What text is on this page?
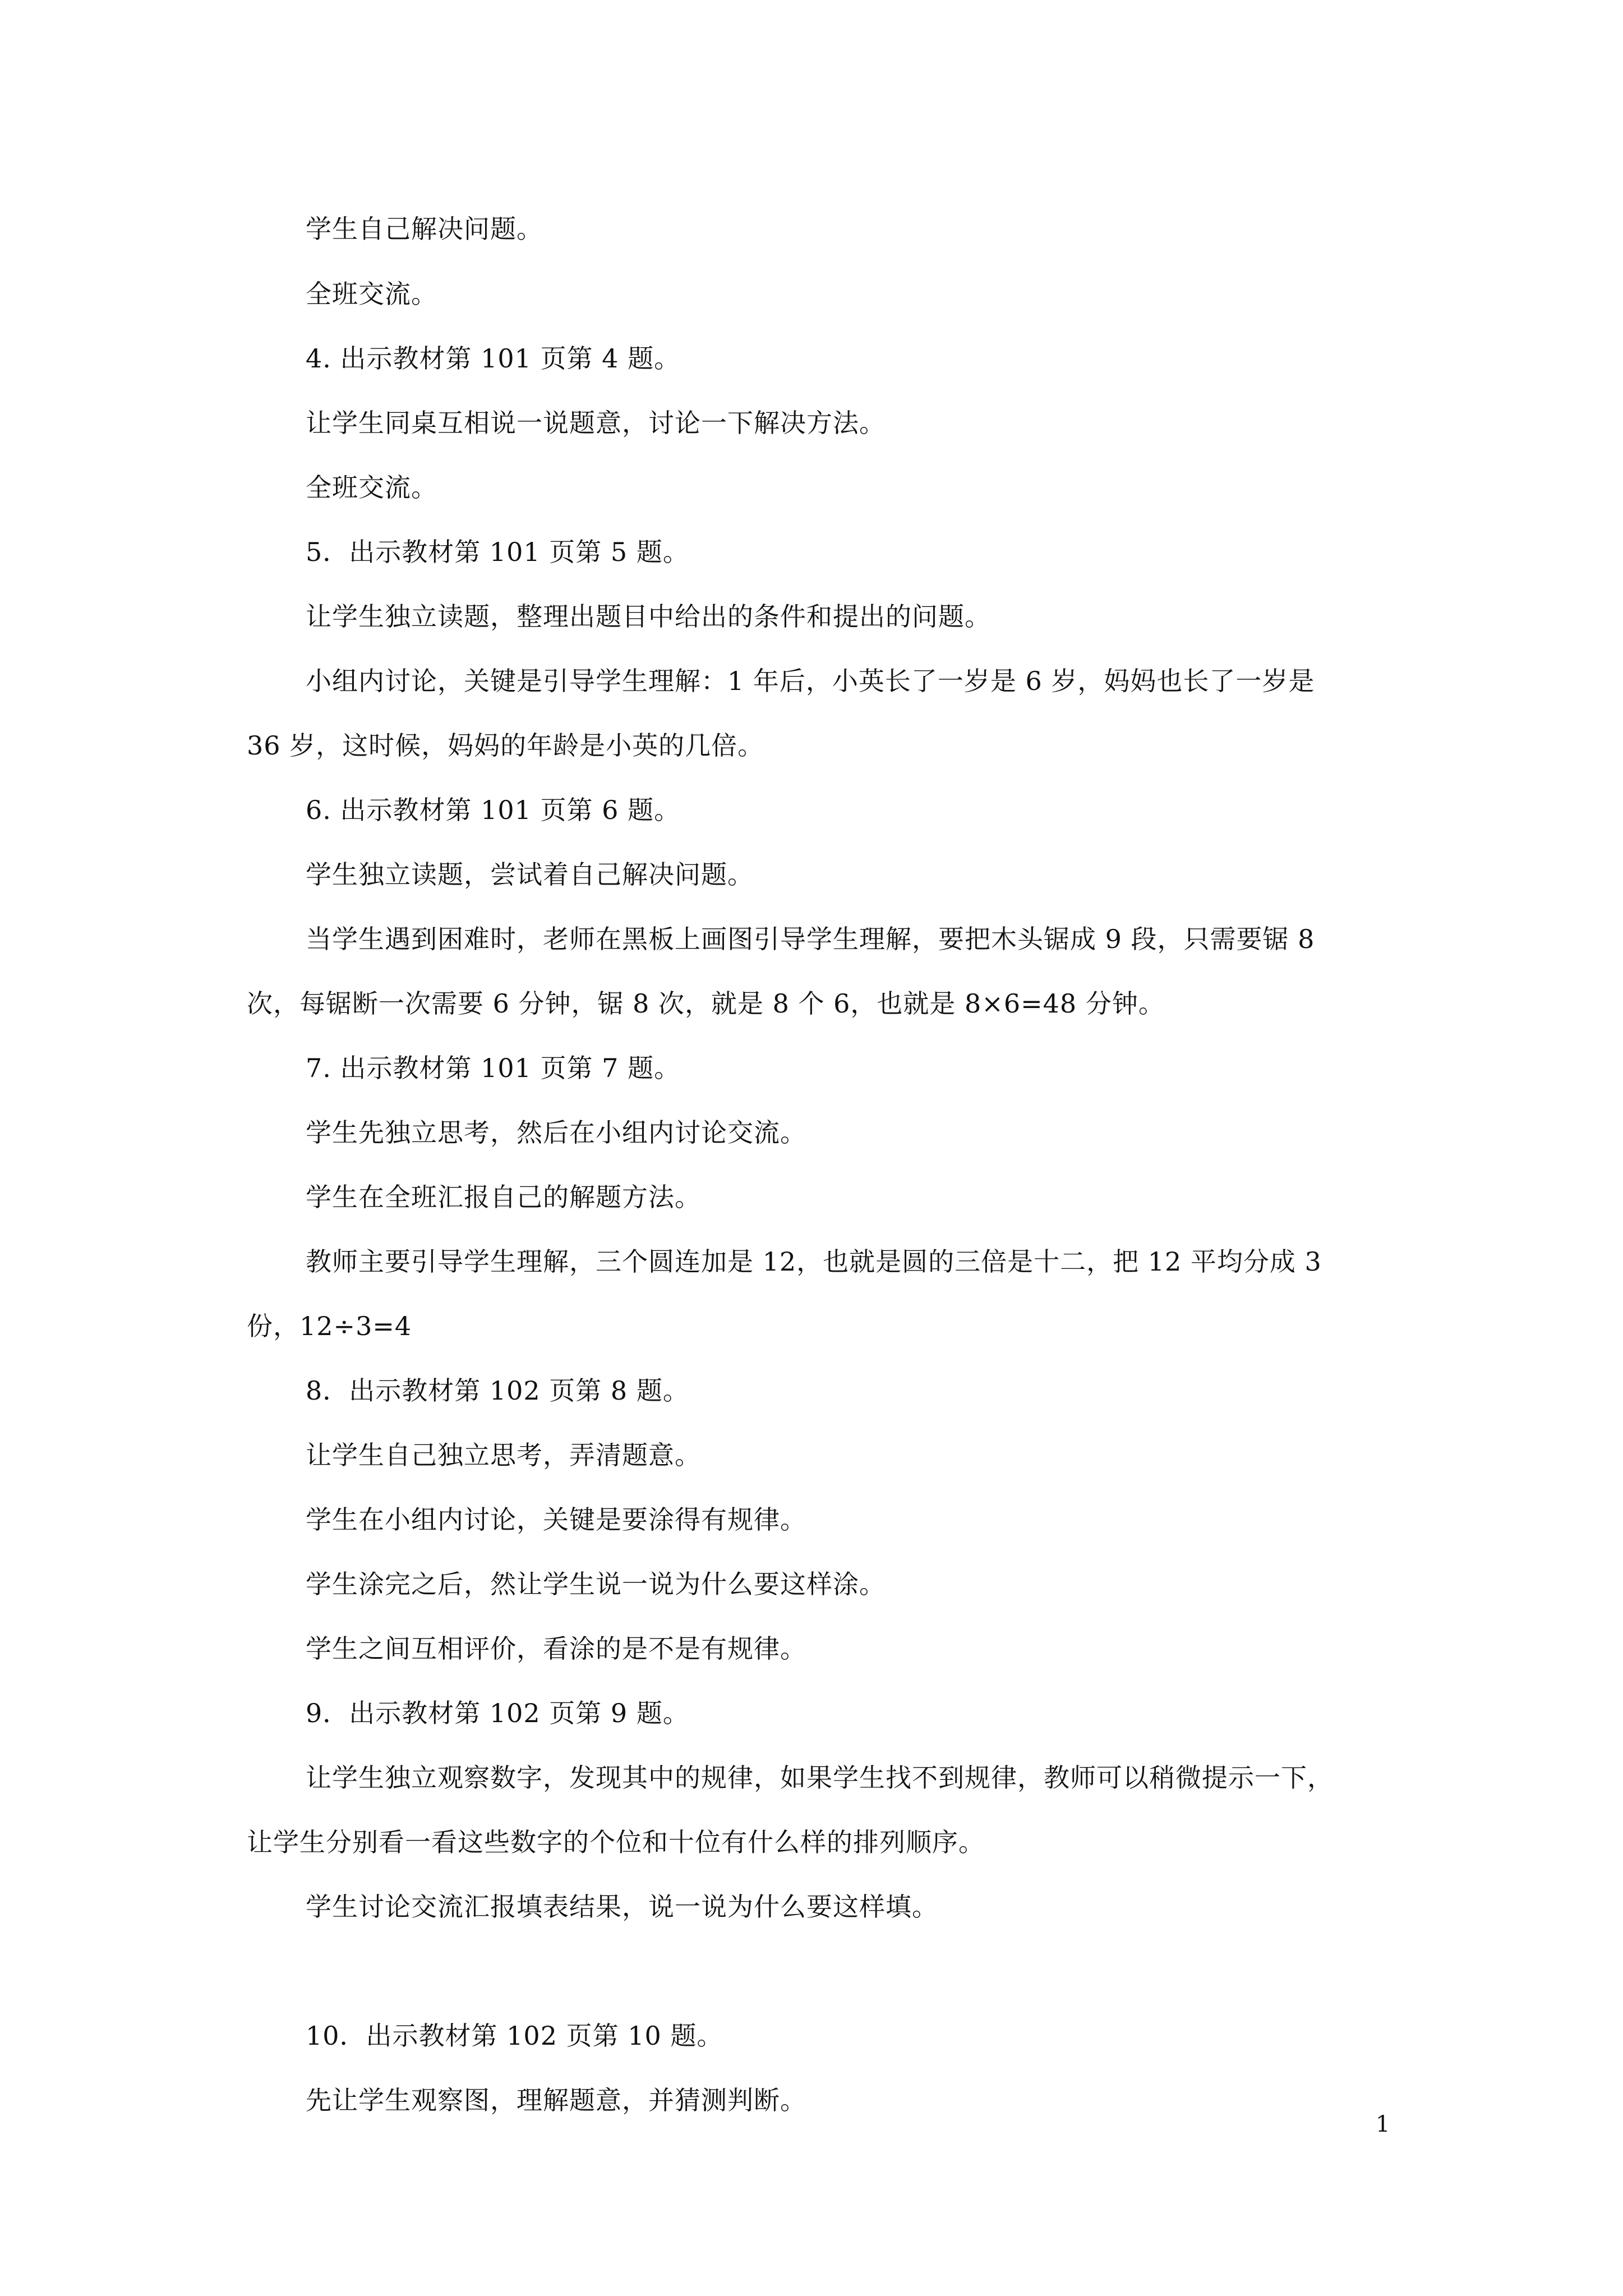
学生自己解决问题。

全班交流。

4. 出示教材第 101 页第 4 题。

让学生同桌互相说一说题意，讨论一下解决方法。

全班交流。

5．出示教材第 101 页第 5 题。

让学生独立读题，整理出题目中给出的条件和提出的问题。

小组内讨论，关键是引导学生理解：1 年后，小英长了一岁是 6 岁，妈妈也长了一岁是

36 岁，这时候，妈妈的年龄是小英的几倍。

6. 出示教材第 101 页第 6 题。

学生独立读题，尝试着自己解决问题。

当学生遇到困难时，老师在黑板上画图引导学生理解，要把木头锯成 9 段，只需要锯 8

次，每锯断一次需要 6 分钟，锯 8 次，就是 8 个 6，也就是 8×6=48 分钟。

7. 出示教材第 101 页第 7 题。

学生先独立思考，然后在小组内讨论交流。

学生在全班汇报自己的解题方法。

教师主要引导学生理解，三个圆连加是 12，也就是圆的三倍是十二，把 12 平均分成 3

份，12÷3=4

8．出示教材第 102 页第 8 题。

让学生自己独立思考，弄清题意。

学生在小组内讨论，关键是要涂得有规律。

学生涂完之后，然让学生说一说为什么要这样涂。

学生之间互相评价，看涂的是不是有规律。

9．出示教材第 102 页第 9 题。

让学生独立观察数字，发现其中的规律，如果学生找不到规律，教师可以稍微提示一下，

让学生分别看一看这些数字的个位和十位有什么样的排列顺序。

学生讨论交流汇报填表结果，说一说为什么要这样填。

10．出示教材第 102 页第 10 题。

先让学生观察图，理解题意，并猜测判断。

1
